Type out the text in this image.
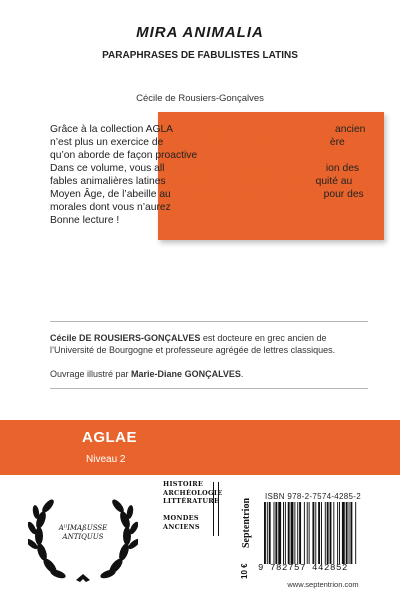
MIRA ANIMALIA
PARAPHRASES DE FABULISTES LATINS
Cécile de Rousiers-Gonçalves

Grâce à la collection AGLAE, un texte écrit en latin ou en grec ancien n’est plus un exercice de version, mais une oeuvre à part entière qu’on aborde de façon proactive.

Dans ce volume, vous allez découvrir ou redécouvrir la tradition des fables animalières latines dans toute leur variété : de l’Antiquité au Moyen Âge, de l’abeille au... hérisson, en prose, en vers, et pour des morales dont vous n’aurez pas fini de discuter !

Bonne lecture !

Cécile DE ROUSIERS-GONÇALVES est docteure en grec ancien de l’Université de Bourgogne et professeure agrégée de lettres classiques.
Ouvrage illustré par Marie-Diane GONÇALVES.
AGLAE
Niveau 2
AˡˡIMAßUSSE
ANTIQUUS
HISTOIRE
ARCHÉOLOGIE
LITTÉRATURE

MONDES
ANCIENS	Septentrion
10 €
ISBN 978-2-7574-4285-2
9 782757 442852
www.septentrion.com
